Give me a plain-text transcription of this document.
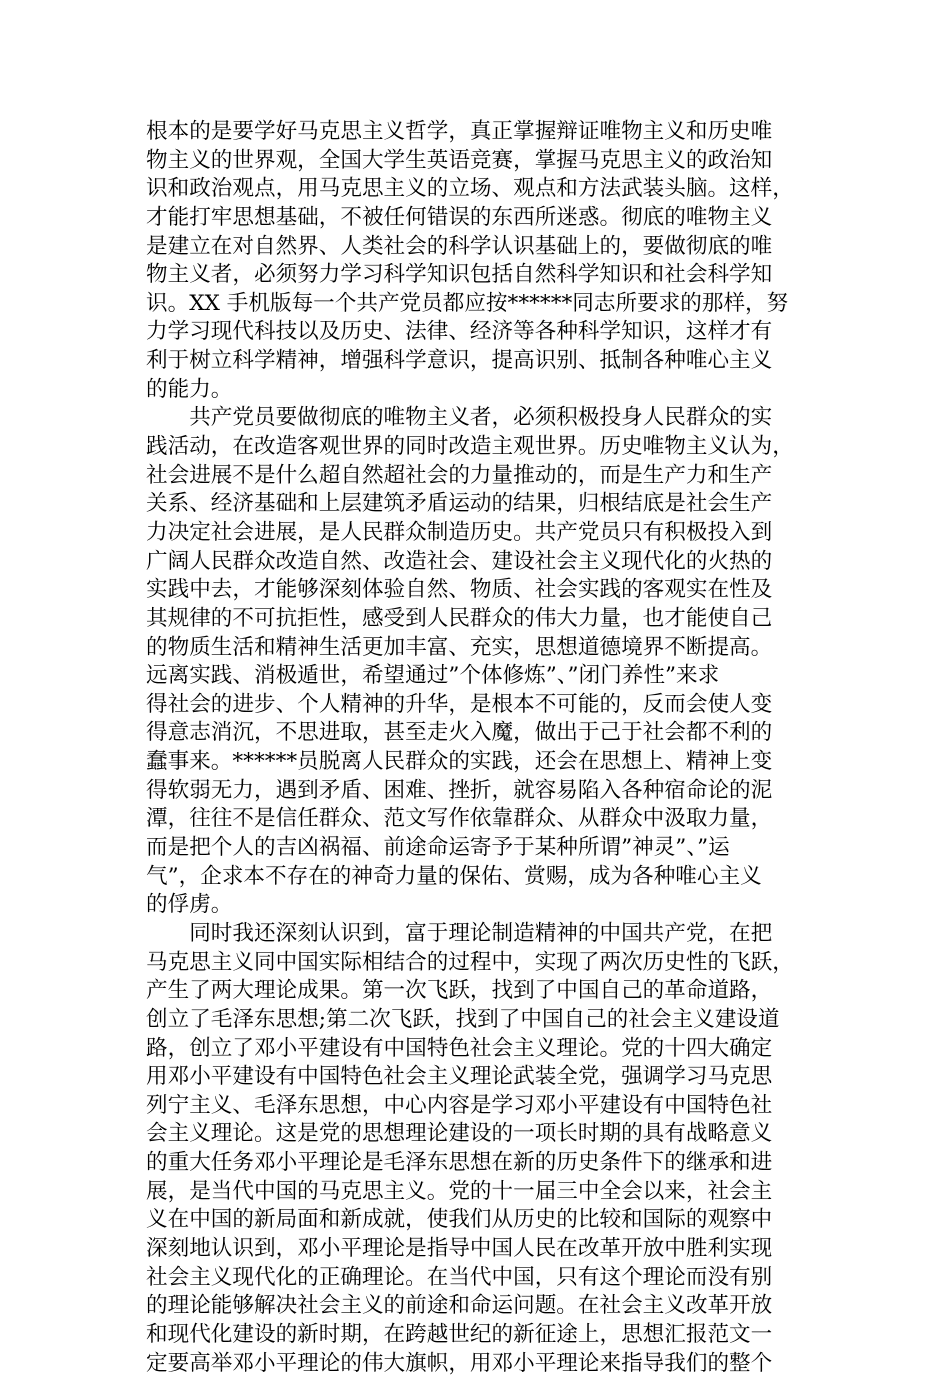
根本的是要学好马克思主义哲学，真正掌握辩证唯物主义和历史唯
物主义的世界观，全国大学生英语竞赛，掌握马克思主义的政治知
识和政治观点，用马克思主义的立场、观点和方法武装头脑。这样，
才能打牢思想基础，不被任何错误的东西所迷惑。彻底的唯物主义
是建立在对自然界、人类社会的科学认识基础上的，要做彻底的唯
物主义者，必须努力学习科学知识包括自然科学知识和社会科学知
识。XX 手机版每一个共产党员都应按******同志所要求的那样，努
力学习现代科技以及历史、法律、经济等各种科学知识，这样才有
利于树立科学精神，增强科学意识，提高识别、抵制各种唯心主义
的能力。
　　共产党员要做彻底的唯物主义者，必须积极投身人民群众的实
践活动，在改造客观世界的同时改造主观世界。历史唯物主义认为，
社会进展不是什么超自然超社会的力量推动的，而是生产力和生产
关系、经济基础和上层建筑矛盾运动的结果，归根结底是社会生产
力决定社会进展，是人民群众制造历史。共产党员只有积极投入到
广阔人民群众改造自然、改造社会、建设社会主义现代化的火热的
实践中去，才能够深刻体验自然、物质、社会实践的客观实在性及
其规律的不可抗拒性，感受到人民群众的伟大力量，也才能使自己
的物质生活和精神生活更加丰富、充实，思想道德境界不断提高。
远离实践、消极遁世，希望通过”个体修炼”、”闭门养性”来求
得社会的进步、个人精神的升华，是根本不可能的，反而会使人变
得意志消沉，不思进取，甚至走火入魔，做出于己于社会都不利的
蠢事来。******员脱离人民群众的实践，还会在思想上、精神上变
得软弱无力，遇到矛盾、困难、挫折，就容易陷入各种宿命论的泥
潭，往往不是信任群众、范文写作依靠群众、从群众中汲取力量，
而是把个人的吉凶祸福、前途命运寄予于某种所谓”神灵”、”运
气”，企求本不存在的神奇力量的保佑、赏赐，成为各种唯心主义
的俘虏。
　　同时我还深刻认识到，富于理论制造精神的中国共产党，在把
马克思主义同中国实际相结合的过程中，实现了两次历史性的飞跃，
产生了两大理论成果。第一次飞跃，找到了中国自己的革命道路，
创立了毛泽东思想;第二次飞跃，找到了中国自己的社会主义建设道
路，创立了邓小平建设有中国特色社会主义理论。党的十四大确定
用邓小平建设有中国特色社会主义理论武装全党，强调学习马克思
列宁主义、毛泽东思想，中心内容是学习邓小平建设有中国特色社
会主义理论。这是党的思想理论建设的一项长时期的具有战略意义
的重大任务邓小平理论是毛泽东思想在新的历史条件下的继承和进
展，是当代中国的马克思主义。党的十一届三中全会以来，社会主
义在中国的新局面和新成就，使我们从历史的比较和国际的观察中
深刻地认识到，邓小平理论是指导中国人民在改革开放中胜利实现
社会主义现代化的正确理论。在当代中国，只有这个理论而没有别
的理论能够解决社会主义的前途和命运问题。在社会主义改革开放
和现代化建设的新时期，在跨越世纪的新征途上，思想汇报范文一
定要高举邓小平理论的伟大旗帜，用邓小平理论来指导我们的整个
